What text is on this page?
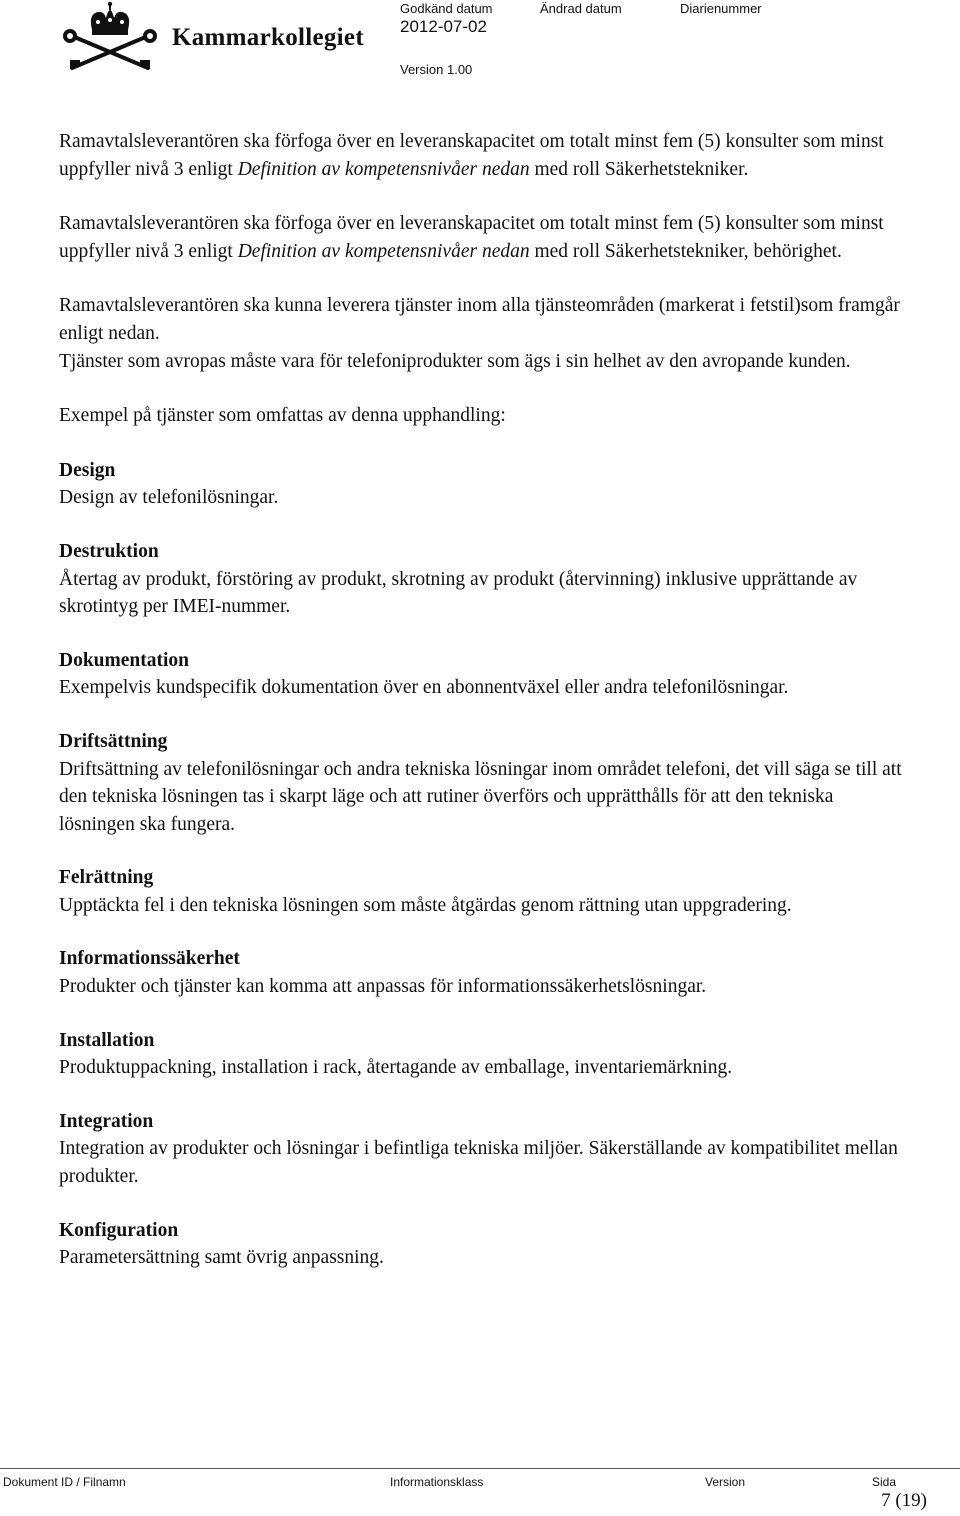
Kammarkollegiet
Godkänd datum
2012-07-02
Ändrad datum	Diarienummer
Version 1.00

Ramavtalsleverantören ska förfoga över en leveranskapacitet om totalt minst fem (5) konsulter som minst uppfyller nivå 3 enligt Definition av kompetensnivåer nedan med roll Säkerhetstekniker.

Ramavtalsleverantören ska förfoga över en leveranskapacitet om totalt minst fem (5) konsulter som minst uppfyller nivå 3 enligt Definition av kompetensnivåer nedan med roll Säkerhetstekniker, behörighet.

Ramavtalsleverantören ska kunna leverera tjänster inom alla tjänsteområden (markerat i fetstil)som framgår enligt nedan.

Tjänster som avropas måste vara för telefoniprodukter som ägs i sin helhet av den avropande kunden.

Exempel på tjänster som omfattas av denna upphandling:

Design
Design av telefonilösningar.
Destruktion
Återtag av produkt, förstöring av produkt, skrotning av produkt (återvinning) inklusive upprättande av skrotintyg per IMEI-nummer.
Dokumentation
Exempelvis kundspecifik dokumentation över en abonnentväxel eller andra telefonilösningar.
Driftsättning
Driftsättning av telefonilösningar och andra tekniska lösningar inom området telefoni, det vill säga se till att den tekniska lösningen tas i skarpt läge och att rutiner överförs och upprätthålls för att den tekniska lösningen ska fungera.
Felrättning
Upptäckta fel i den tekniska lösningen som måste åtgärdas genom rättning utan uppgradering.
Informationssäkerhet
Produkter och tjänster kan komma att anpassas för informationssäkerhetslösningar.
Installation
Produktuppackning, installation i rack, återtagande av emballage, inventariemärkning.
Integration
Integration av produkter och lösningar i befintliga tekniska miljöer. Säkerställande av kompatibilitet mellan produkter.
Konfiguration
Parametersättning samt övrig anpassning.
Dokument ID / Filnamn	Informationsklass	Version	Sida
7 (19)
